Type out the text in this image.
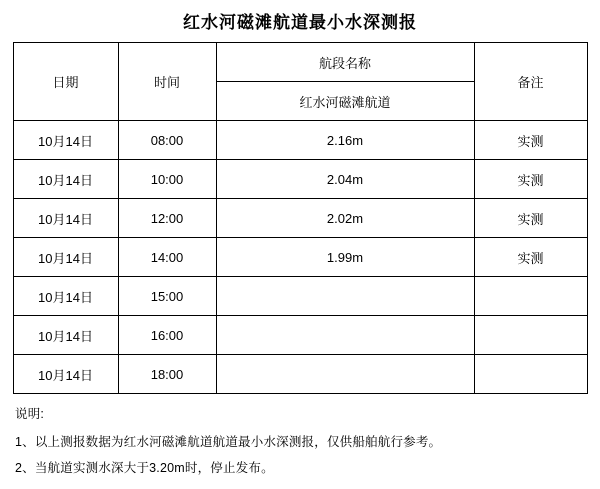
红水河磁滩航道最小水深测报
日期	时间	航段名称	备注
		红水河磁滩航道	
10月14日	08:00	2.16m	实测
10月14日	10:00	2.04m	实测
10月14日	12:00	2.02m	实测
10月14日	14:00	1.99m	实测
10月14日	15:00		
10月14日	16:00		
10月14日	18:00		
说明:
1、以上测报数据为红水河磁滩航道航道最小水深测报，仅供船舶航行参考。
2、当航道实测水深大于3.20m时，停止发布。
